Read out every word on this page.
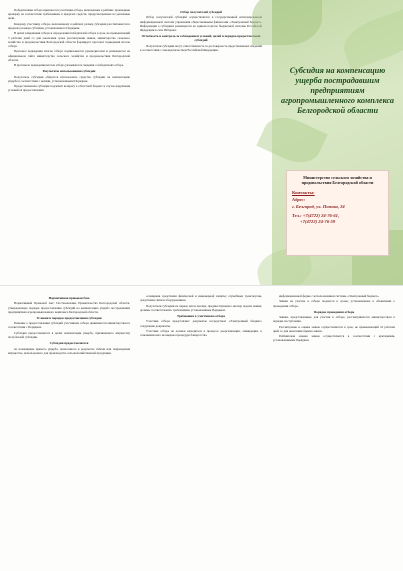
Победителями отбора признаются участники отбора, включенные в рейтинг, прошедшие проверку на соответствие требованиям, в пределах средств, предусмотренных на указанные цели.

Каждому участнику отбора, включенному в рейтинг, размер субсидии рассчитывается в пределах размера субсидии, установленного Порядком.

В целях завершения отбора и определения победителей отбора в срок, не превышающий 3 рабочих дней со дня окончания срока рассмотрения заявок, министерство сельского хозяйства и продовольствия Белгородской области формирует протокол подведения итогов отбора.

Протокол подведения итогов отбора подписывается руководителем и размещается на официальном сайте министерства сельского хозяйства и продовольствия Белгородской области.

В протоколе подведения итогов отбора указываются сведения о победителях отбора.

Результаты использования субсидии

Получатель субсидии обязуется использовать средства субсидии на компенсацию ущерба в соответствии с целями, установленными Порядком.

Предоставленная субсидия подлежит возврату в областной бюджет в случае нарушения условий её предоставления.

Отбор получателей субсидий

Отбор получателей субсидий осуществляется в государственной интегрированной информационной системе управления общественными финансами «Электронный бюджет». Информация о субсидиях размещается на едином портале бюджетной системы Российской Федерации в сети Интернет.

Отчетность и контроль за соблюдением условий, целей и порядка предоставления субсидий

Получатели субсидии несут ответственность за достоверность представленных сведений в соответствии с законодательством Российской Федерации.

Субсидия на компенсацию ущерба пострадавшим предприятиям агропромышленного комплекса Белгородской области
Министерство сельского хозяйства и продовольствия Белгородской области
Контакты:
Адрес:
г. Белгород, ул. Попова, 24
Тел.: +7(4722) 24-76-61,
+7(4722) 24-76-59
Нормативная правовая база

Нормативный Правовой Акт: Постановление Правительства Белгородской области, утверждающее порядок предоставления субсидий на компенсацию ущерба пострадавшим предприятиям агропромышленного комплекса Белгородской области.

Условия и порядок предоставления субсидии

Решение о предоставлении субсидий участникам отбора принимается министерством в соответствии с Порядком.

Субсидия предоставляется в целях компенсации ущерба, причиненного имуществу получателей субсидии.

Субсидия предоставляется

на возмещение прямого ущерба, понесенного в результате гибели или повреждения имущества, используемого для производства сельскохозяйственной продукции.

оснащения средствами физической и инженерной защиты; служебным транспортом, средствами связи и оборудованием.

Получатели субсидии на первое число месяца, предшествующего месяцу подачи заявки, должны соответствовать требованиям, установленным Порядком.

Требования к участникам отбора

Участник отбора представляет документы посредством «Электронный бюджет» следующие документы.

Участник отбора не должен находиться в процессе реорганизации, ликвидации, в отношении него не введена процедура банкротства.

информационной форме с использованием системы «Электронный бюджет».

Заявки на участие в отборе подаются в сроки, установленные в объявлении о проведении отбора.

Порядок проведения отбора

Заявки, представленные для участия в отборе, рассматриваются министерством в порядке поступления.

Рассмотрение и оценка заявок осуществляются в срок, не превышающий 10 рабочих дней со дня окончания приема заявок.

Рейтинговая оценка заявок осуществляется в соответствии с критериями, установленными Порядком.
